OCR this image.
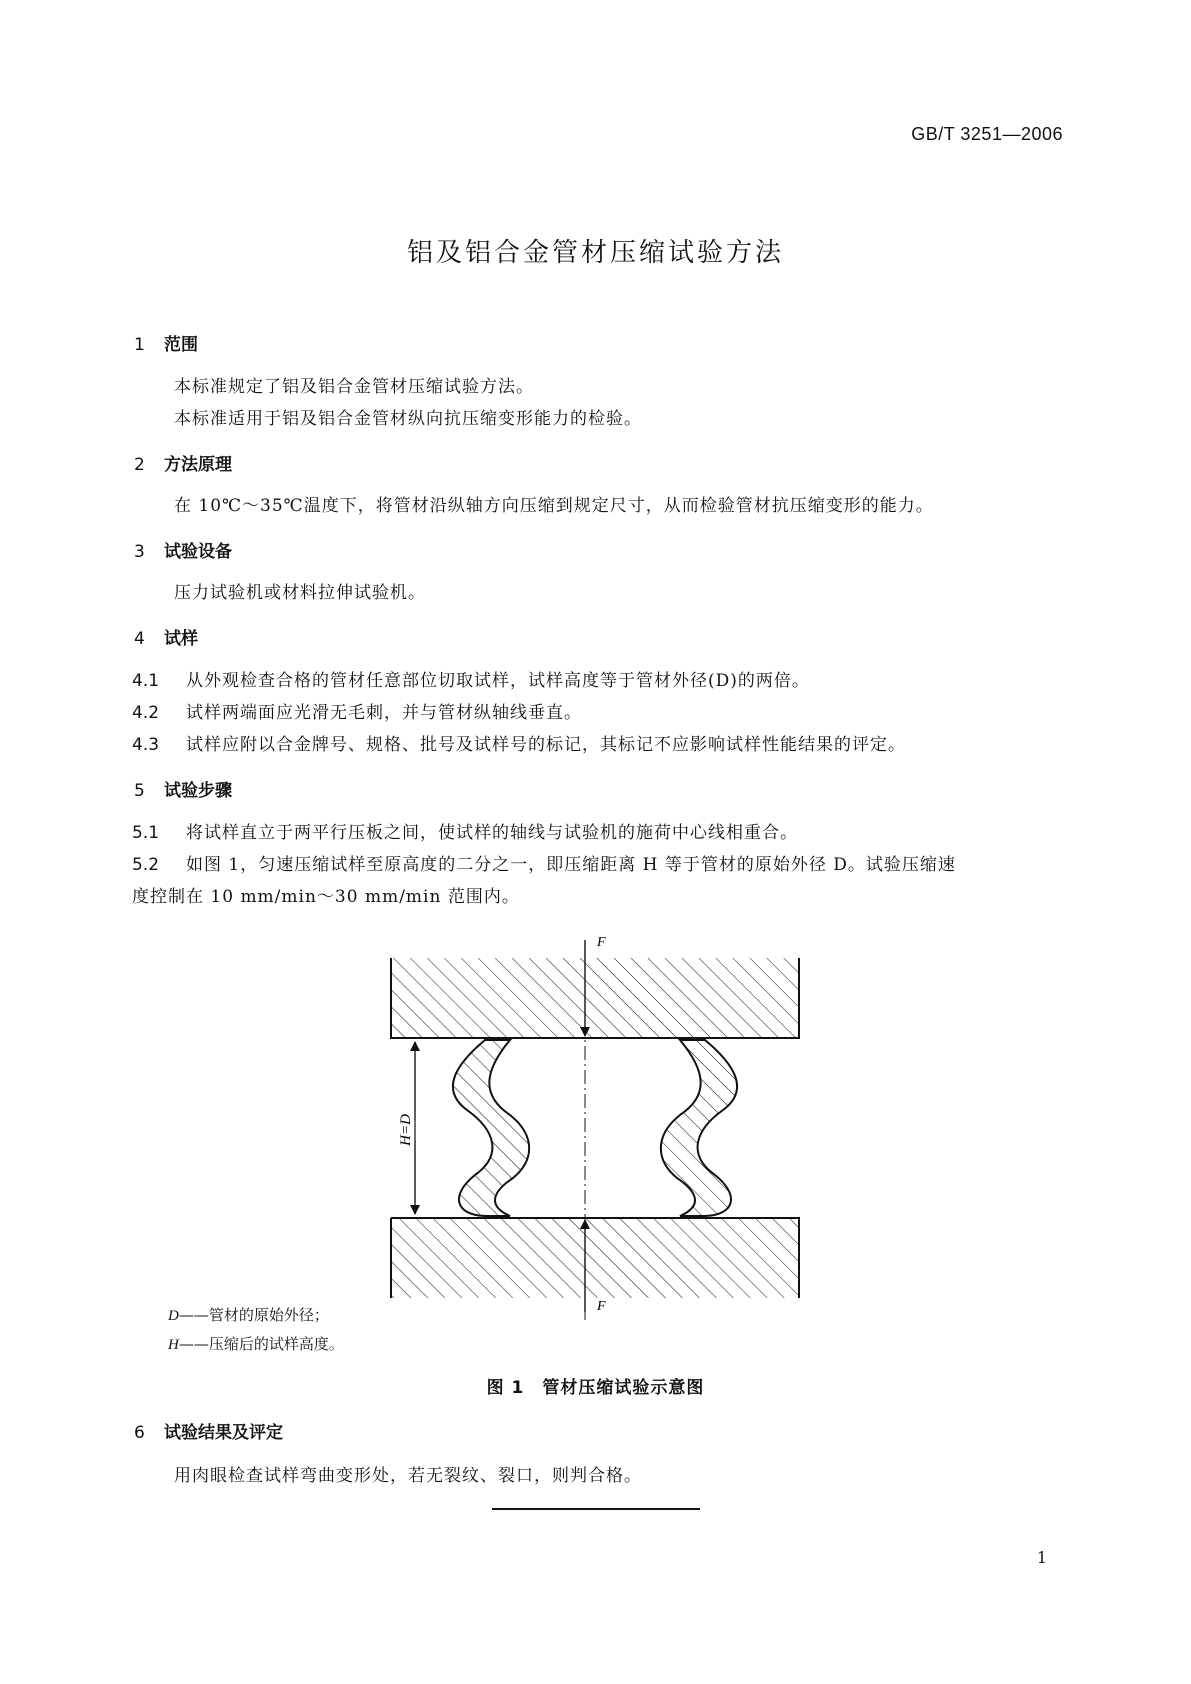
GB/T 3251—2006
铝及铝合金管材压缩试验方法
1 范围
本标准规定了铝及铝合金管材压缩试验方法。
本标准适用于铝及铝合金管材纵向抗压缩变形能力的检验。
2 方法原理
在 10℃～35℃温度下，将管材沿纵轴方向压缩到规定尺寸，从而检验管材抗压缩变形的能力。
3 试验设备
压力试验机或材料拉伸试验机。
4 试样
4.1 从外观检查合格的管材任意部位切取试样，试样高度等于管材外径(D)的两倍。
4.2 试样两端面应光滑无毛刺，并与管材纵轴线垂直。
4.3 试样应附以合金牌号、规格、批号及试样号的标记，其标记不应影响试样性能结果的评定。
5 试验步骤
5.1 将试样直立于两平行压板之间，使试样的轴线与试验机的施荷中心线相重合。
5.2 如图 1，匀速压缩试样至原高度的二分之一，即压缩距离 H 等于管材的原始外径 D。试验压缩速
度控制在 10 mm/min～30 mm/min 范围内。
F
F
H=D
D——管材的原始外径；
H——压缩后的试样高度。
图 1　管材压缩试验示意图
6 试验结果及评定
用肉眼检查试样弯曲变形处，若无裂纹、裂口，则判合格。
1
